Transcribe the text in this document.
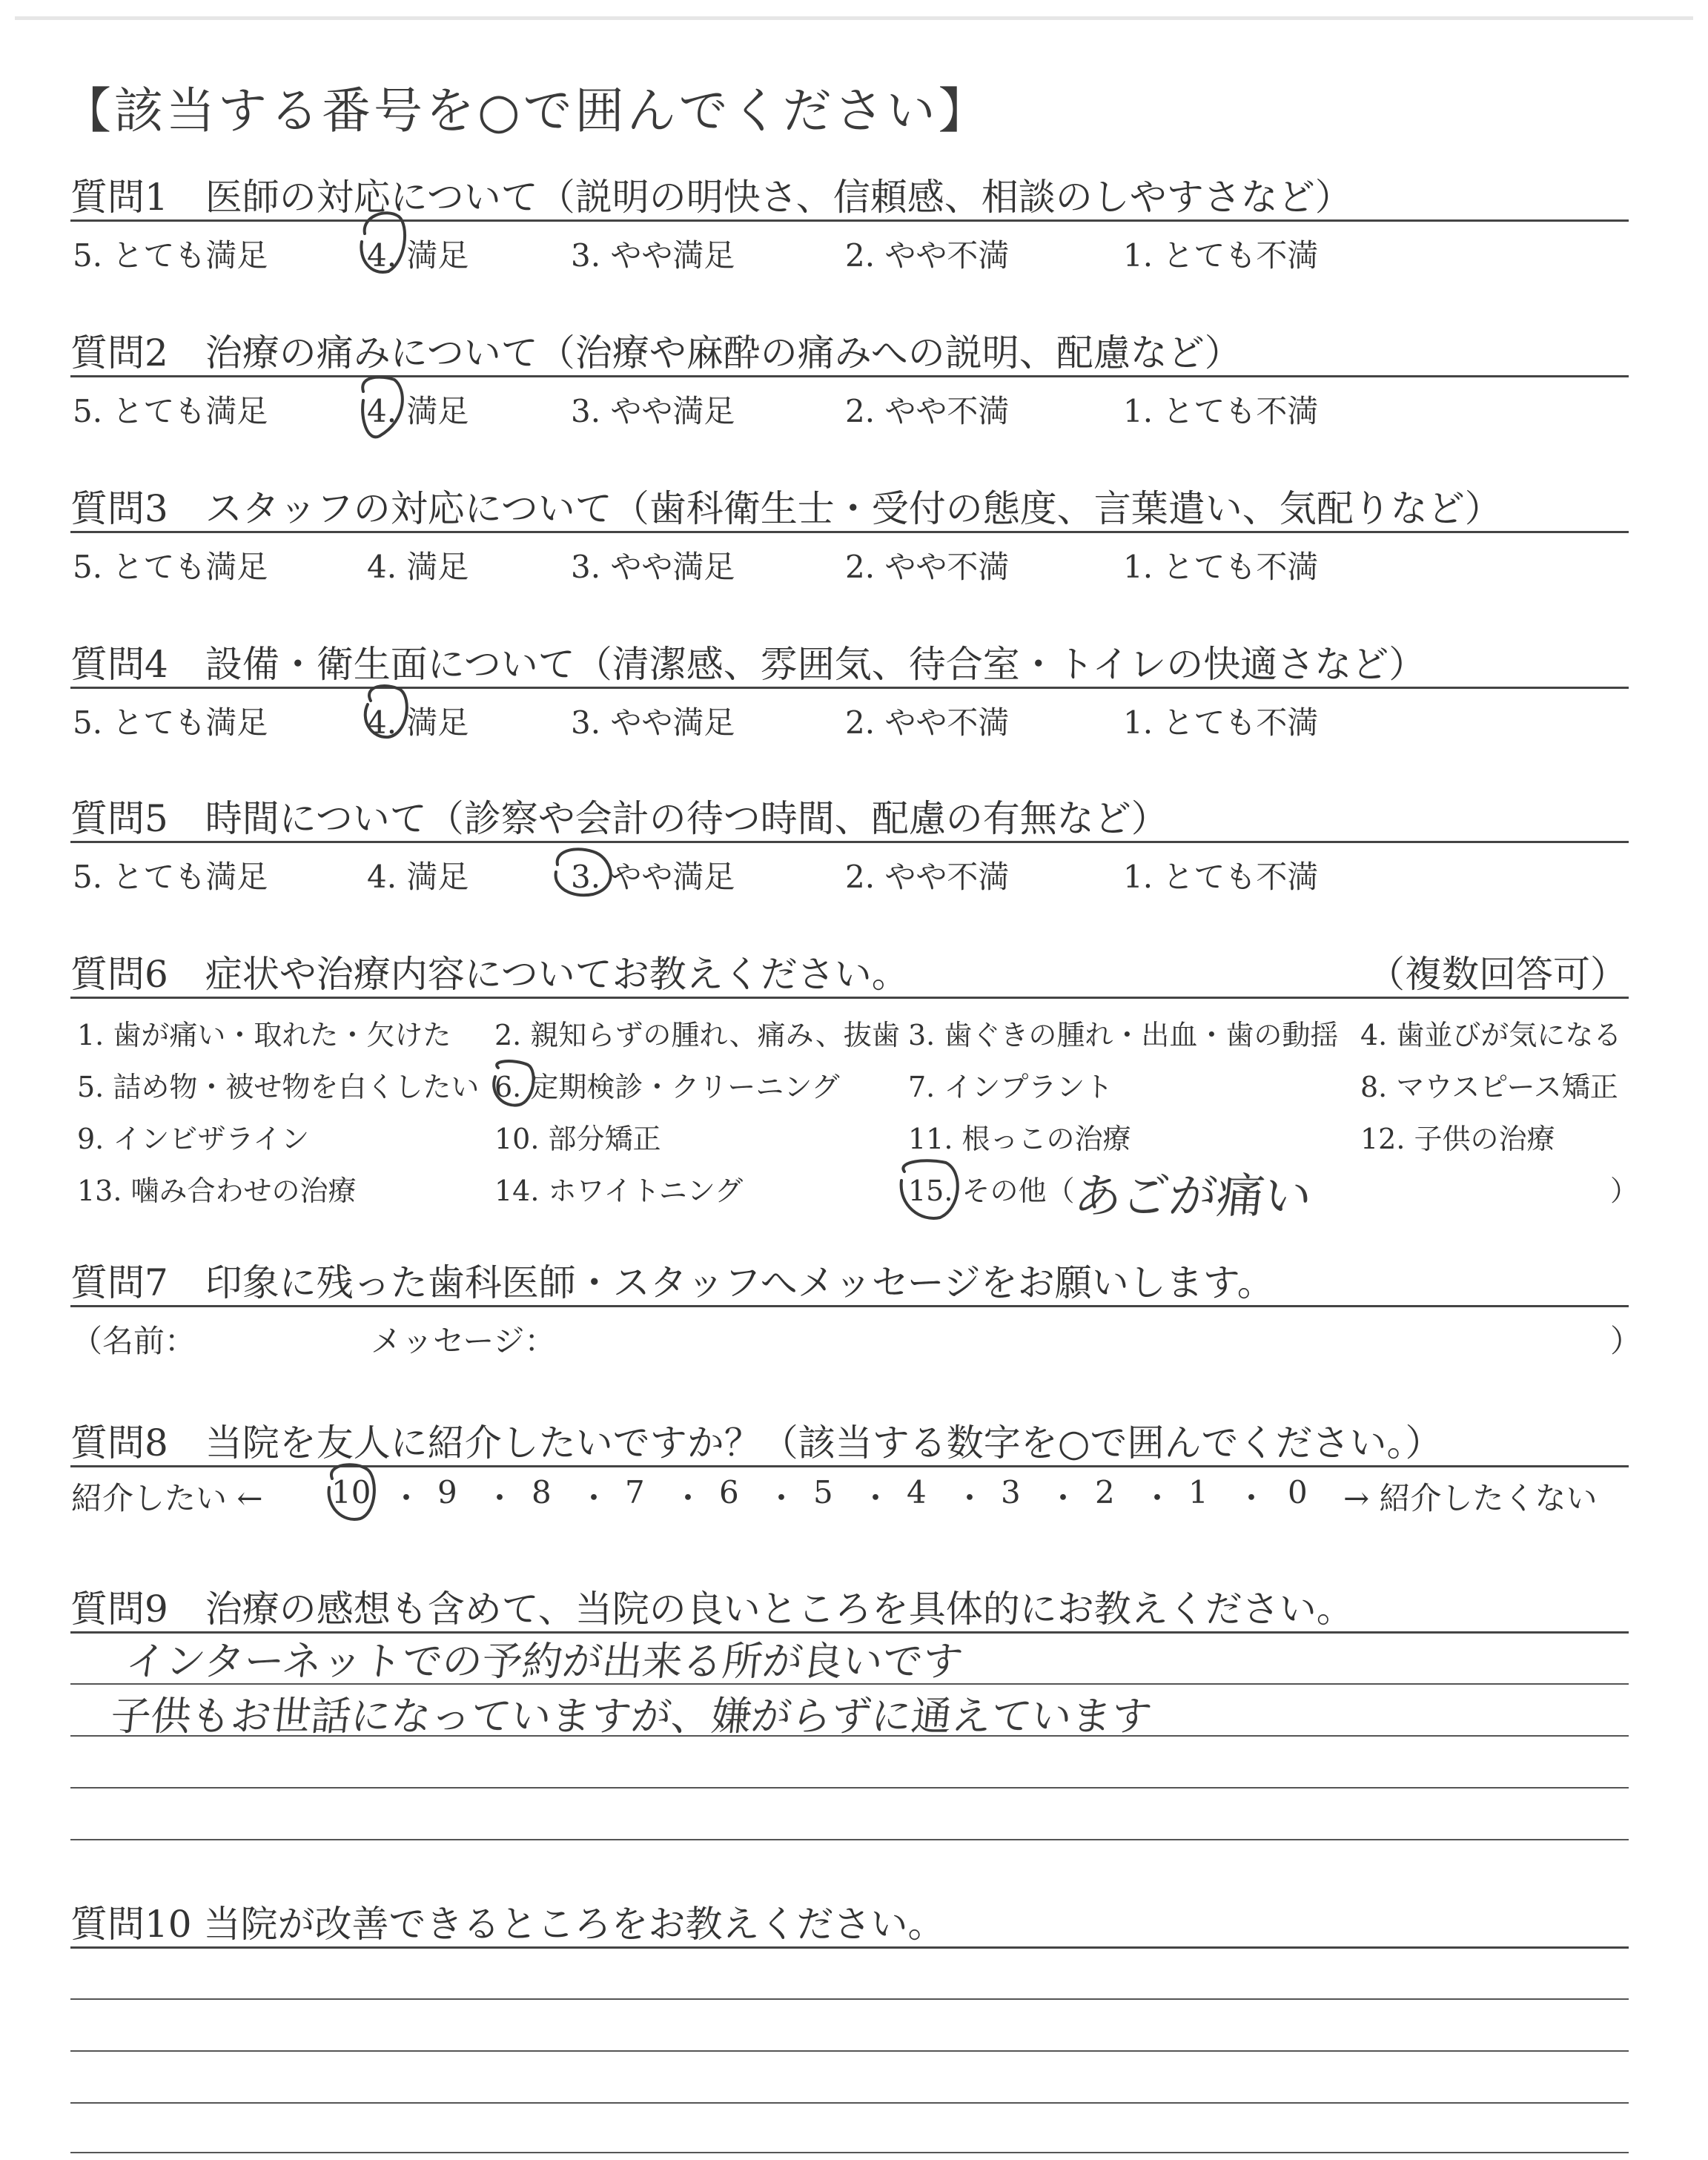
【該当する番号を○で囲んでください】
質問1　医師の対応について（説明の明快さ、信頼感、相談のしやすさなど）
5. とても満足	4. 満足	3. やや満足	2. やや不満	1. とても不満
質問2　治療の痛みについて（治療や麻酔の痛みへの説明、配慮など）
5. とても満足	4. 満足	3. やや満足	2. やや不満	1. とても不満
質問3　スタッフの対応について（歯科衛生士・受付の態度、言葉遣い、気配りなど）
5. とても満足	4. 満足	3. やや満足	2. やや不満	1. とても不満
質問4　設備・衛生面について（清潔感、雰囲気、待合室・トイレの快適さなど）
5. とても満足	4. 満足	3. やや満足	2. やや不満	1. とても不満
質問5　時間について（診察や会計の待つ時間、配慮の有無など）
5. とても満足	4. 満足	3. やや満足	2. やや不満	1. とても不満
質問6　症状や治療内容についてお教えください。	（複数回答可）
1. 歯が痛い・取れた・欠けた 2. 親知らずの腫れ、痛み、抜歯 3. 歯ぐきの腫れ・出血・歯の動揺 4. 歯並びが気になる
5. 詰め物・被せ物を白くしたい 6. 定期検診・クリーニング 7. インプラント	8. マウスピース矯正
9. インビザライン	10. 部分矯正	11. 根っこの治療	12. 子供の治療
13. 噛み合わせの治療	14. ホワイトニング	15. その他（	）
あごが痛い
質問7　印象に残った歯科医師・スタッフへメッセージをお願いします。
（名前：	メッセージ：	）
質問8　当院を友人に紹介したいですか？（該当する数字を○で囲んでください。）
紹介したい ← 10 ・ 9 ・ 8 ・ 7 ・ 6 ・ 5 ・ 4 ・ 3 ・ 2 ・ 1 ・ 0 → 紹介したくない
質問9　治療の感想も含めて、当院の良いところを具体的にお教えください。
インターネットでの予約が出来る所が良いです
子供もお世話になっていますが、嫌がらずに通えています
質問10 当院が改善できるところをお教えください。
